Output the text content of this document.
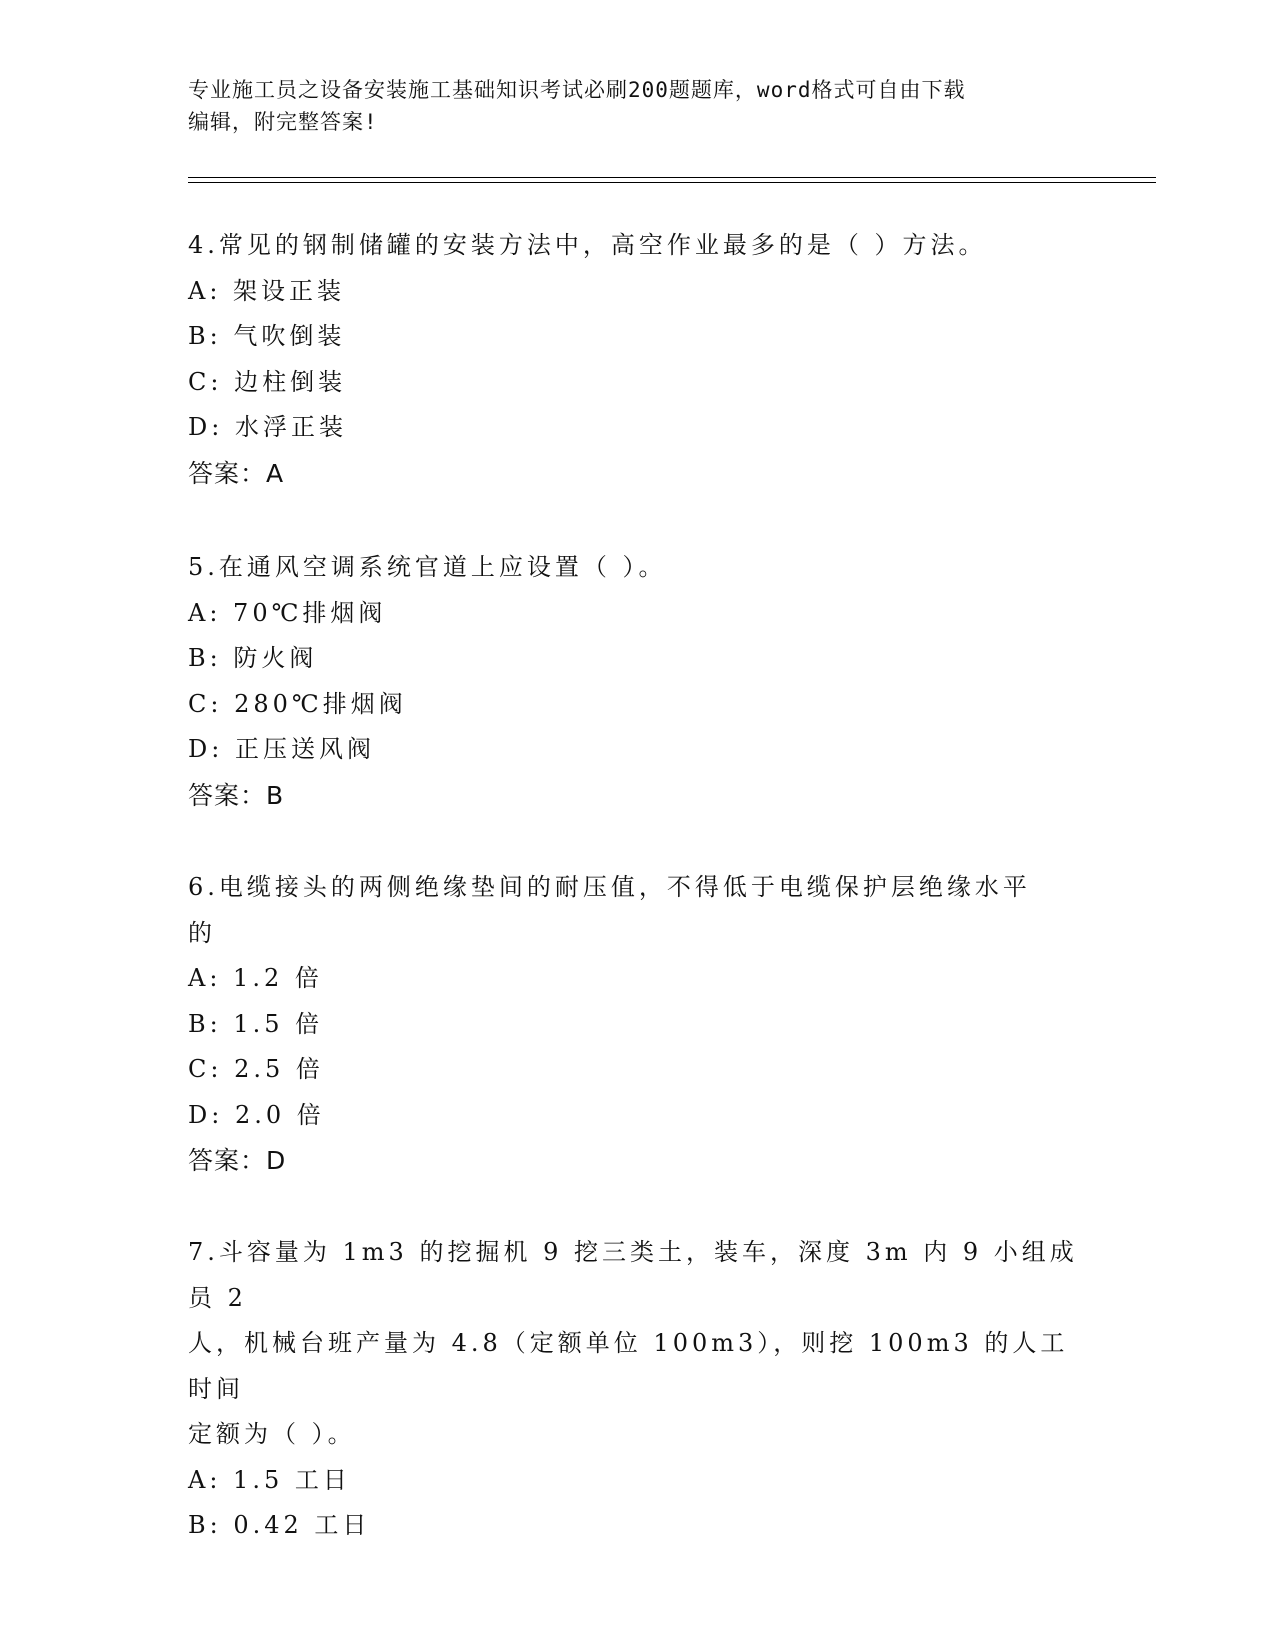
专业施工员之设备安装施工基础知识考试必刷200题题库，word格式可自由下载
编辑，附完整答案!
4.常见的钢制储罐的安装方法中，高空作业最多的是（ ）方法。
A: 架设正装
B: 气吹倒装
C: 边柱倒装
D: 水浮正装
答案：A
5.在通风空调系统官道上应设置（ ）。
A: 70℃排烟阀
B: 防火阀
C: 280℃排烟阀
D: 正压送风阀
答案：B
6.电缆接头的两侧绝缘垫间的耐压值，不得低于电缆保护层绝缘水平
的
A: 1.2 倍
B: 1.5 倍
C: 2.5 倍
D: 2.0 倍
答案：D
7.斗容量为 1m3 的挖掘机 9 挖三类土，装车，深度 3m 内 9 小组成员 2
人，机械台班产量为 4.8（定额单位 100m3），则挖 100m3 的人工时间
定额为（ ）。
A: 1.5 工日
B: 0.42 工日
